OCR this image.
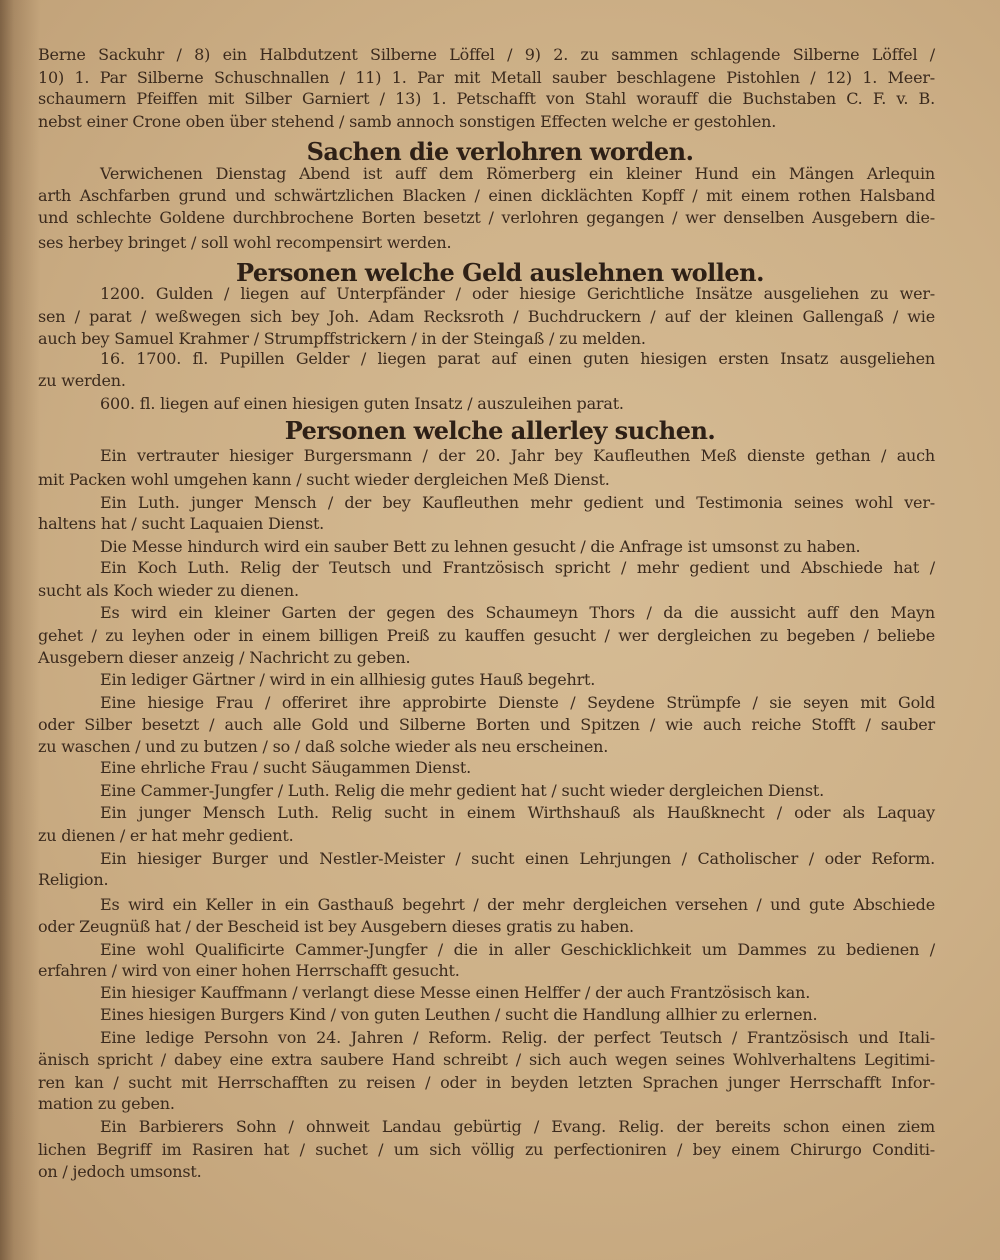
Berne Sackuhr / 8) ein Halbdutzent Silberne Löffel / 9) 2. zu sammen schlagende Silberne Löffel /
10) 1. Par Silberne Schuschnallen / 11) 1. Par mit Metall sauber beschlagene Pistohlen / 12) 1. Meer-
schaumern Pfeiffen mit Silber Garniert / 13) 1. Petschafft von Stahl worauff die Buchstaben C. F. v. B.
nebst einer Crone oben über stehend / samb annoch sonstigen Effecten welche er gestohlen.
Sachen die verlohren worden.
Verwichenen Dienstag Abend ist auff dem Römerberg ein kleiner Hund ein Mängen Arlequin
arth Aschfarben grund und schwärtzlichen Blacken / einen dicklächten Kopff / mit einem rothen Halsband
und schlechte Goldene durchbrochene Borten besetzt / verlohren gegangen / wer denselben Ausgebern die-
ses herbey bringet / soll wohl recompensirt werden.
Personen welche Geld auslehnen wollen.
1200. Gulden / liegen auf Unterpfänder / oder hiesige Gerichtliche Insätze ausgeliehen zu wer-
sen / parat / weßwegen sich bey Joh. Adam Recksroth / Buchdruckern / auf der kleinen Gallengaß / wie
auch bey Samuel Krahmer / Strumpffstrickern / in der Steingaß / zu melden.
16. 1700. fl. Pupillen Gelder / liegen parat auf einen guten hiesigen ersten Insatz ausgeliehen
zu werden.
600. fl. liegen auf einen hiesigen guten Insatz / auszuleihen parat.
Personen welche allerley suchen.
Ein vertrauter hiesiger Burgersmann / der 20. Jahr bey Kaufleuthen Meß dienste gethan / auch
mit Packen wohl umgehen kann / sucht wieder dergleichen Meß Dienst.
Ein Luth. junger Mensch / der bey Kaufleuthen mehr gedient und Testimonia seines wohl ver-
haltens hat / sucht Laquaien Dienst.
Die Messe hindurch wird ein sauber Bett zu lehnen gesucht / die Anfrage ist umsonst zu haben.
Ein Koch Luth. Relig der Teutsch und Frantzösisch spricht / mehr gedient und Abschiede hat /
sucht als Koch wieder zu dienen.
Es wird ein kleiner Garten der gegen des Schaumeyn Thors / da die aussicht auff den Mayn
gehet / zu leyhen oder in einem billigen Preiß zu kauffen gesucht / wer dergleichen zu begeben / beliebe
Ausgebern dieser anzeig / Nachricht zu geben.
Ein lediger Gärtner / wird in ein allhiesig gutes Hauß begehrt.
Eine hiesige Frau / offeriret ihre approbirte Dienste / Seydene Strümpfe / sie seyen mit Gold
oder Silber besetzt / auch alle Gold und Silberne Borten und Spitzen / wie auch reiche Stofft / sauber
zu waschen / und zu butzen / so / daß solche wieder als neu erscheinen.
Eine ehrliche Frau / sucht Säugammen Dienst.
Eine Cammer-Jungfer / Luth. Relig die mehr gedient hat / sucht wieder dergleichen Dienst.
Ein junger Mensch Luth. Relig sucht in einem Wirthshauß als Haußknecht / oder als Laquay
zu dienen / er hat mehr gedient.
Ein hiesiger Burger und Nestler-Meister / sucht einen Lehrjungen / Catholischer / oder Reform.
Religion.
Es wird ein Keller in ein Gasthauß begehrt / der mehr dergleichen versehen / und gute Abschiede
oder Zeugnüß hat / der Bescheid ist bey Ausgebern dieses gratis zu haben.
Eine wohl Qualificirte Cammer-Jungfer / die in aller Geschicklichkeit um Dammes zu bedienen /
erfahren / wird von einer hohen Herrschafft gesucht.
Ein hiesiger Kauffmann / verlangt diese Messe einen Helffer / der auch Frantzösisch kan.
Eines hiesigen Burgers Kind / von guten Leuthen / sucht die Handlung allhier zu erlernen.
Eine ledige Persohn von 24. Jahren / Reform. Relig. der perfect Teutsch / Frantzösisch und Itali-
änisch spricht / dabey eine extra saubere Hand schreibt / sich auch wegen seines Wohlverhaltens Legitimi-
ren kan / sucht mit Herrschafften zu reisen / oder in beyden letzten Sprachen junger Herrschafft Infor-
mation zu geben.
Ein Barbierers Sohn / ohnweit Landau gebürtig / Evang. Relig. der bereits schon einen ziem
lichen Begriff im Rasiren hat / suchet / um sich völlig zu perfectioniren / bey einem Chirurgo Conditi-
on / jedoch umsonst.
